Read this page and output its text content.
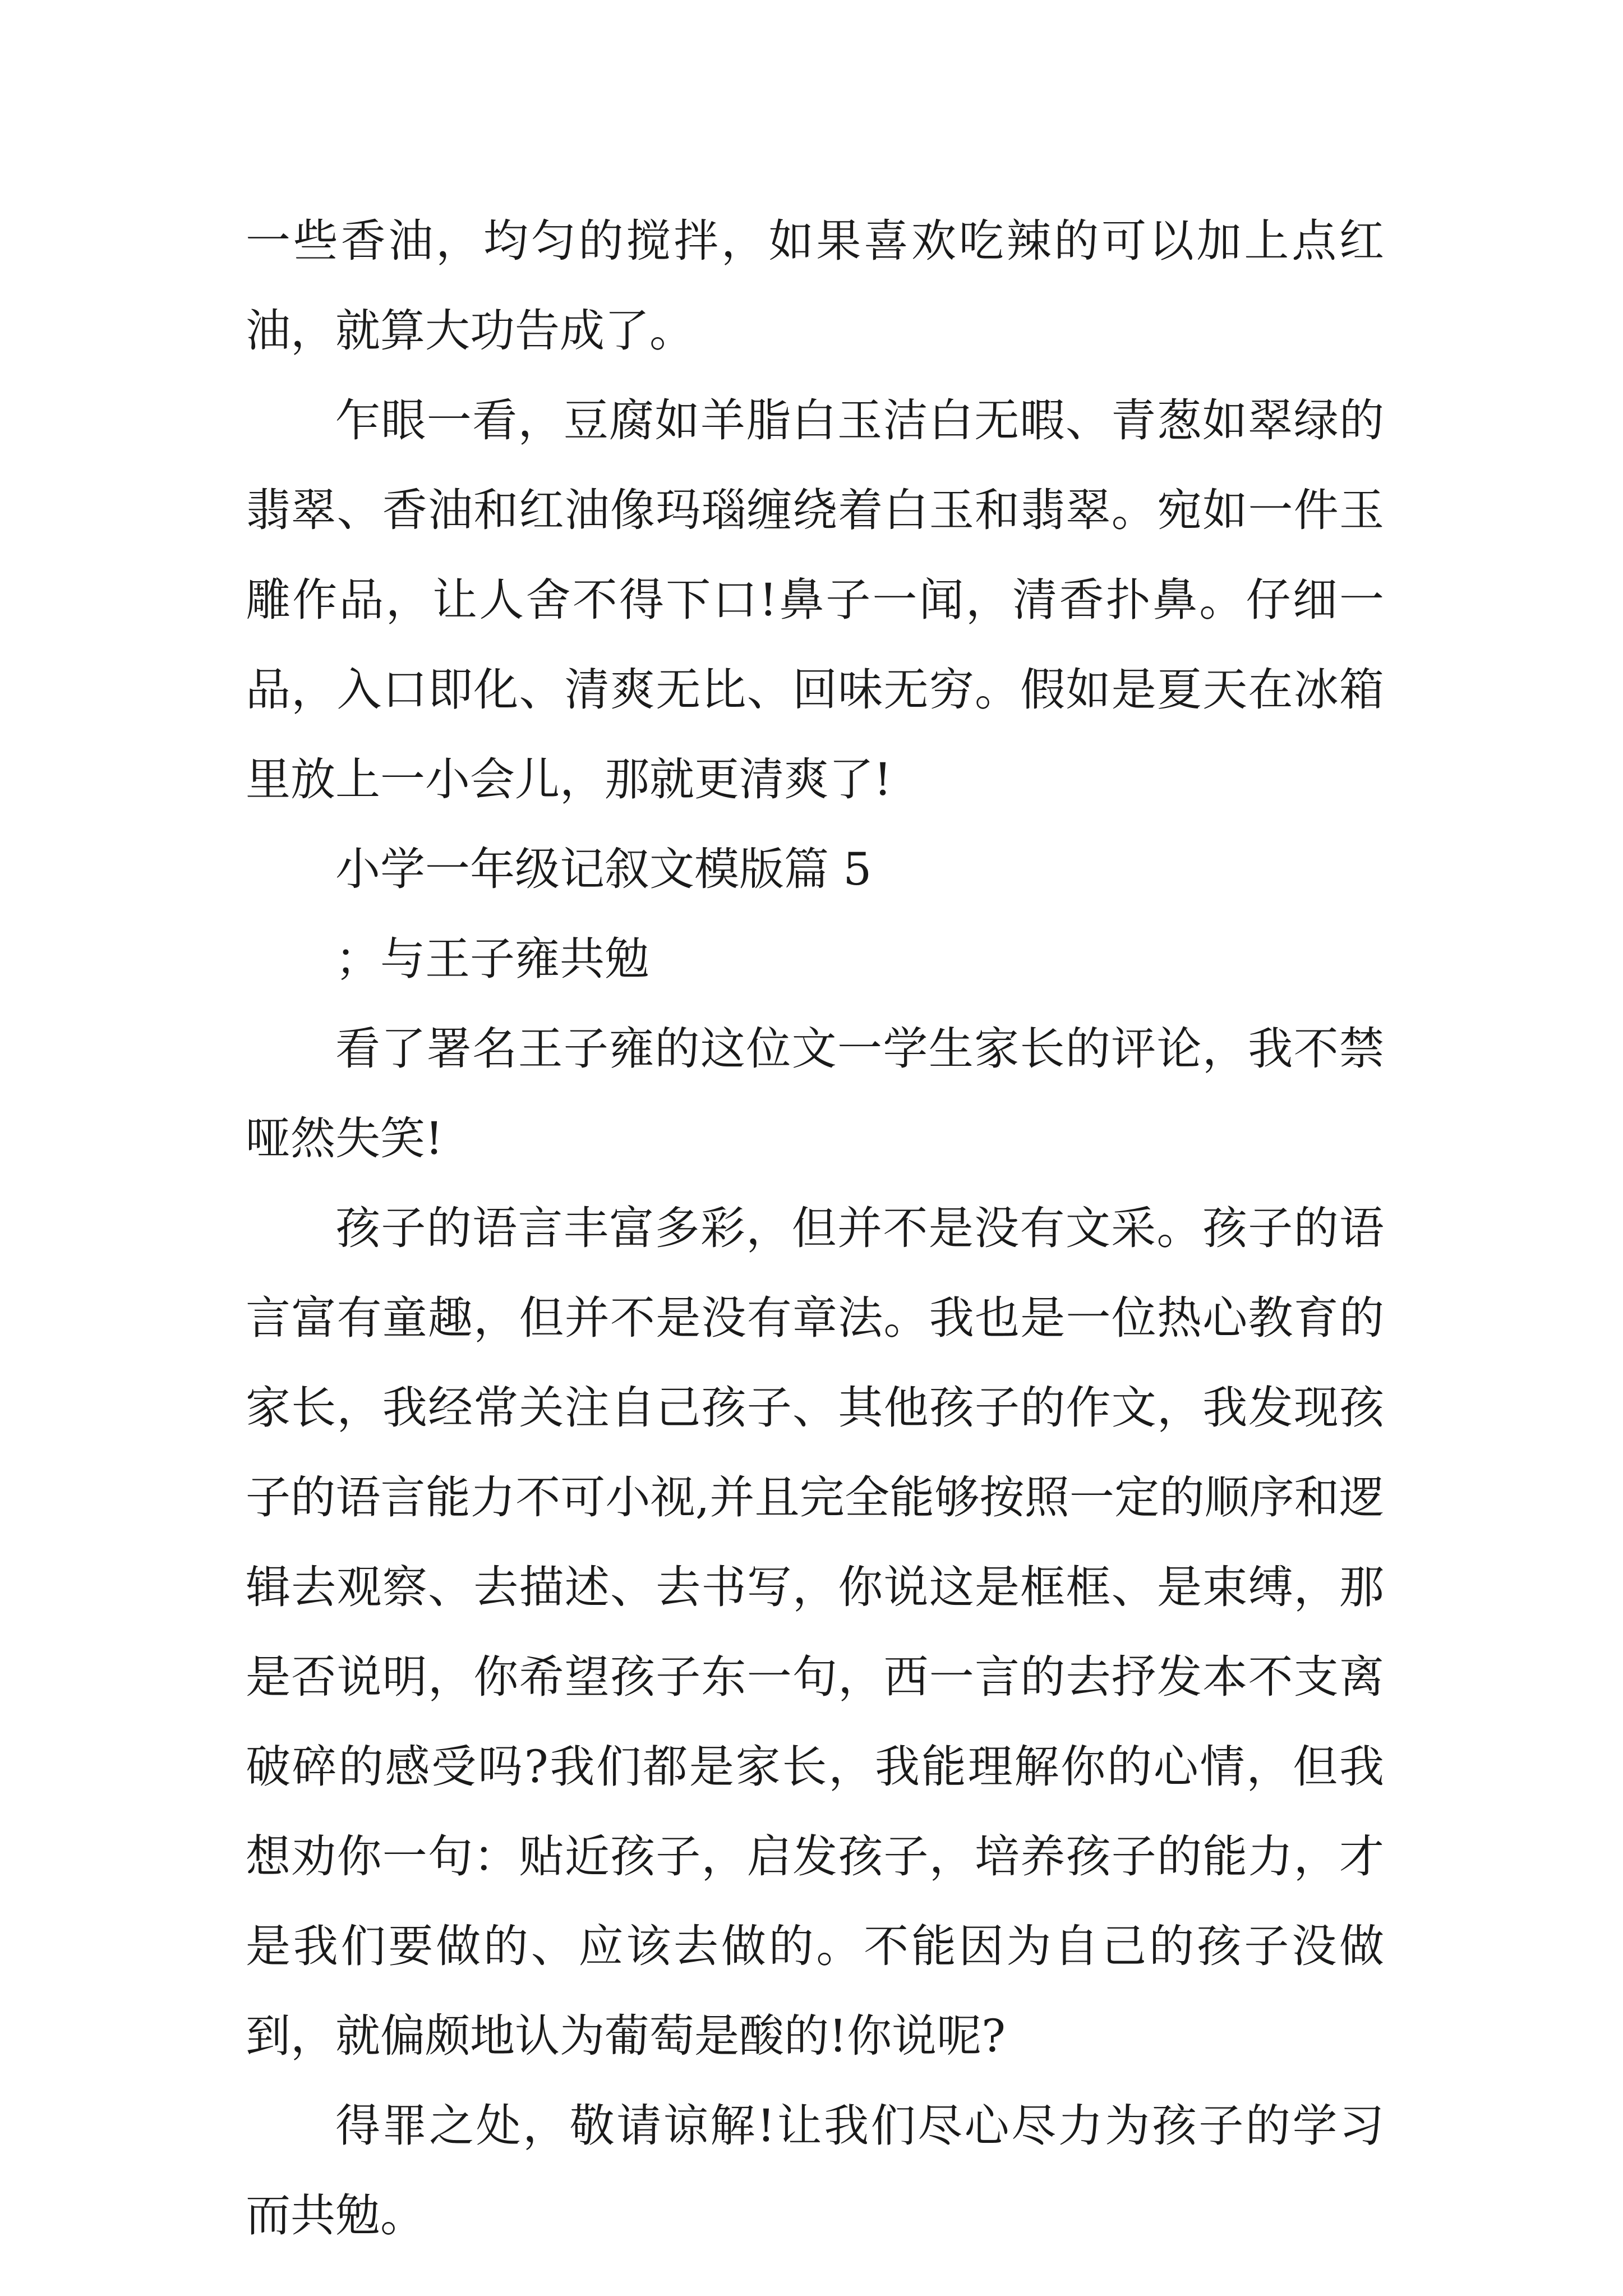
一些香油，均匀的搅拌，如果喜欢吃辣的可以加上点红油，就算大功告成了。

乍眼一看，豆腐如羊脂白玉洁白无暇、青葱如翠绿的翡翠、香油和红油像玛瑙缠绕着白玉和翡翠。宛如一件玉雕作品，让人舍不得下口!鼻子一闻，清香扑鼻。仔细一品，入口即化、清爽无比、回味无穷。假如是夏天在冰箱里放上一小会儿，那就更清爽了!

小学一年级记叙文模版篇 5

；与王子雍共勉

看了署名王子雍的这位文一学生家长的评论，我不禁哑然失笑!

孩子的语言丰富多彩，但并不是没有文采。孩子的语言富有童趣，但并不是没有章法。我也是一位热心教育的家长，我经常关注自己孩子、其他孩子的作文，我发现孩子的语言能力不可小视,并且完全能够按照一定的顺序和逻辑去观察、去描述、去书写，你说这是框框、是束缚，那是否说明，你希望孩子东一句，西一言的去抒发本不支离破碎的感受吗?我们都是家长，我能理解你的心情，但我想劝你一句：贴近孩子，启发孩子，培养孩子的能力，才是我们要做的、应该去做的。不能因为自己的孩子没做到，就偏颇地认为葡萄是酸的!你说呢?

得罪之处，敬请谅解!让我们尽心尽力为孩子的学习而共勉。
